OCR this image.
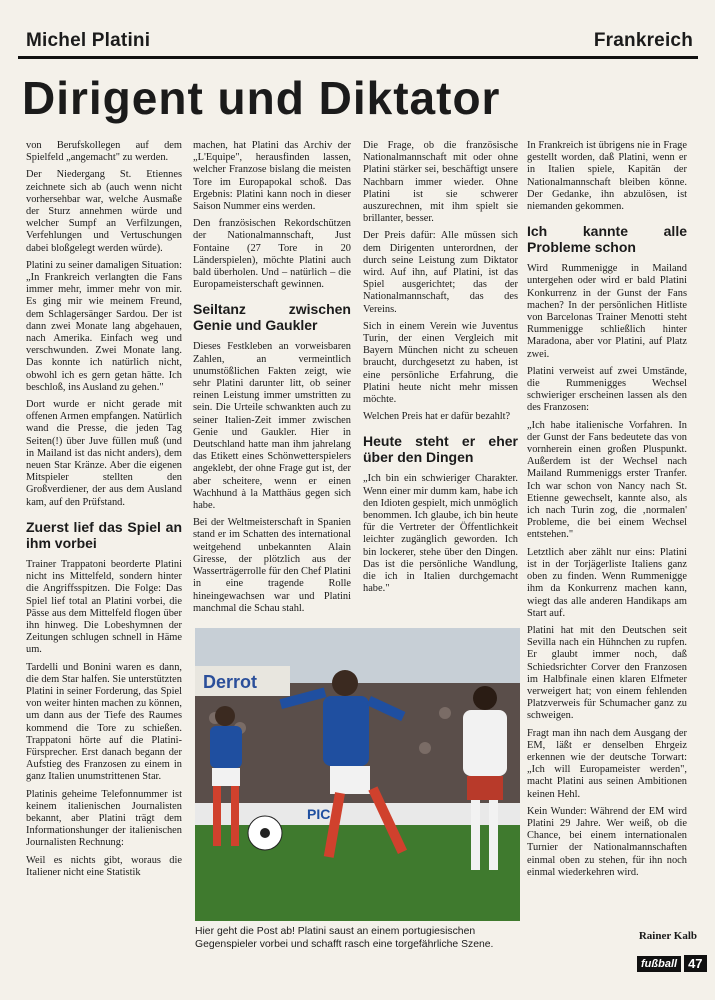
Michel Platini	Frankreich
Dirigent und Diktator

von Berufskollegen auf dem Spielfeld „angemacht" zu werden.

Der Niedergang St. Etiennes zeichnete sich ab (auch wenn nicht vorhersehbar war, welche Ausmaße der Sturz annehmen würde und welcher Sumpf an Verfilzungen, Verfehlungen und Vertuschungen dabei bloßgelegt werden würde).

Platini zu seiner damaligen Situation: „In Frankreich verlangten die Fans immer mehr, immer mehr von mir. Es ging mir wie meinem Freund, dem Schlagersänger Sardou. Der ist dann zwei Monate lang abgehauen, nach Amerika. Einfach weg und verschwunden. Zwei Monate lang. Das konnte ich natürlich nicht, obwohl ich es gern getan hätte. Ich beschloß, ins Ausland zu gehen."

Dort wurde er nicht gerade mit offenen Armen empfangen. Natürlich wand die Presse, die jeden Tag Seiten(!) über Juve füllen muß (und in Mailand ist das nicht anders), dem neuen Star Kränze. Aber die eigenen Mitspieler stellten den Großverdiener, der aus dem Ausland kam, auf den Prüfstand.

Zuerst lief das Spiel an ihm vorbei

Trainer Trappatoni beorderte Platini nicht ins Mittelfeld, sondern hinter die Angriffsspitzen. Die Folge: Das Spiel lief total an Platini vorbei, die Pässe aus dem Mittelfeld flogen über ihn hinweg. Die Lobeshymnen der Zeitungen schlugen schnell in Häme um.

Tardelli und Bonini waren es dann, die dem Star halfen. Sie unterstützten Platini in seiner Forderung, das Spiel von weiter hinten machen zu können, um dann aus der Tiefe des Raumes kommend die Tore zu schießen. Trappatoni hörte auf die Platini-Fürsprecher. Erst danach begann der Aufstieg des Franzosen zu einem in ganz Italien unumstrittenen Star.

Platinis geheime Telefonnummer ist keinem italienischen Journalisten bekannt, aber Platini trägt dem Informationshunger der italienischen Journalisten Rechnung:

Weil es nichts gibt, woraus die Italiener nicht eine Statistik

machen, hat Platini das Archiv der „L'Equipe", herausfinden lassen, welcher Franzose bislang die meisten Tore im Europapokal schoß. Das Ergebnis: Platini kann noch in dieser Saison Nummer eins werden.

Den französischen Rekordschützen der Nationalmannschaft, Just Fontaine (27 Tore in 20 Länderspielen), möchte Platini auch bald überholen. Und – natürlich – die Europameisterschaft gewinnen.

Seiltanz zwischen Genie und Gaukler

Dieses Festkleben an vorweisbaren Zahlen, an vermeintlich unumstößlichen Fakten zeigt, wie sehr Platini darunter litt, ob seiner reinen Leistung immer umstritten zu sein. Die Urteile schwankten auch zu seiner Italien-Zeit immer zwischen Genie und Gaukler. Hier in Deutschland hatte man ihm jahrelang das Etikett eines Schönwetterspielers angeklebt, der ohne Frage gut ist, der aber scheitere, wenn er einen Wachhund à la Matthäus gegen sich habe.

Bei der Weltmeisterschaft in Spanien stand er im Schatten des international weitgehend unbekannten Alain Giresse, der plötzlich aus der Wasserträgerrolle für den Chef Platini in eine tragende Rolle hineingewachsen war und Platini manchmal die Schau stahl.

Die Frage, ob die französische Nationalmannschaft mit oder ohne Platini stärker sei, beschäftigt unsere Nachbarn immer wieder. Ohne Platini ist sie schwerer auszurechnen, mit ihm spielt sie brillanter, besser.

Der Preis dafür: Alle müssen sich dem Dirigenten unterordnen, der durch seine Leistung zum Diktator wird. Auf ihn, auf Platini, ist das Spiel ausgerichtet; das der Nationalmannschaft, das des Vereins.

Sich in einem Verein wie Juventus Turin, der einen Vergleich mit Bayern München nicht zu scheuen braucht, durchgesetzt zu haben, ist eine persönliche Erfahrung, die Platini heute nicht mehr missen möchte.

Welchen Preis hat er dafür bezahlt?

Heute steht er eher über den Dingen

„Ich bin ein schwieriger Charakter. Wenn einer mir dumm kam, habe ich den Idioten gespielt, mich unmöglich benommen. Ich glaube, ich bin heute für die Vertreter der Öffentlichkeit leichter zugänglich geworden. Ich bin lockerer, stehe über den Dingen. Das ist die persönliche Wandlung, die ich in Italien durchgemacht habe."

In Frankreich ist übrigens nie in Frage gestellt worden, daß Platini, wenn er in Italien spiele, Kapitän der Nationalmannschaft bleiben könne. Der Gedanke, ihn abzulösen, ist niemanden gekommen.

Ich kannte alle Probleme schon

Wird Rummenigge in Mailand untergehen oder wird er bald Platini Konkurrenz in der Gunst der Fans machen? In der persönlichen Hitliste von Barcelonas Trainer Menotti steht Rummenigge schließlich hinter Maradona, aber vor Platini, auf Platz zwei.

Platini verweist auf zwei Umstände, die Rummenigges Wechsel schwieriger erscheinen lassen als den des Franzosen:

„Ich habe italienische Vorfahren. In der Gunst der Fans bedeutete das von vornherein einen großen Pluspunkt. Außerdem ist der Wechsel nach Mailand Rummeniggs erster Tranfer. Ich war schon von Nancy nach St. Etienne gewechselt, kannte also, als ich nach Turin zog, die ‚normalen' Probleme, die bei einem Wechsel entstehen."

Letztlich aber zählt nur eins: Platini ist in der Torjägerliste Italiens ganz oben zu finden. Wenn Rummenigge ihm da Konkurrenz machen kann, wiegt das alle anderen Handikaps am Start auf.

Platini hat mit den Deutschen seit Sevilla nach ein Hühnchen zu rupfen. Er glaubt immer noch, daß Schiedsrichter Corver den Franzosen im Halbfinale einen klaren Elfmeter verweigert hat; von einem fehlenden Platzverweis für Schumacher ganz zu schweigen.

Fragt man ihn nach dem Ausgang der EM, läßt er denselben Ehrgeiz erkennen wie der deutsche Torwart: „Ich will Europameister werden", macht Platini aus seinen Ambitionen keinen Hehl.

Kein Wunder: Während der EM wird Platini 29 Jahre. Wer weiß, ob die Chance, bei einem internationalen Turnier der Nationalmannschaften einmal oben zu stehen, für ihn noch einmal wiederkehren wird.

Derrot
PIC
Hier geht die Post ab! Platini saust an einem portugiesischen Gegenspieler vorbei und schafft rasch eine torgefährliche Szene.
Rainer Kalb
fußball 47
